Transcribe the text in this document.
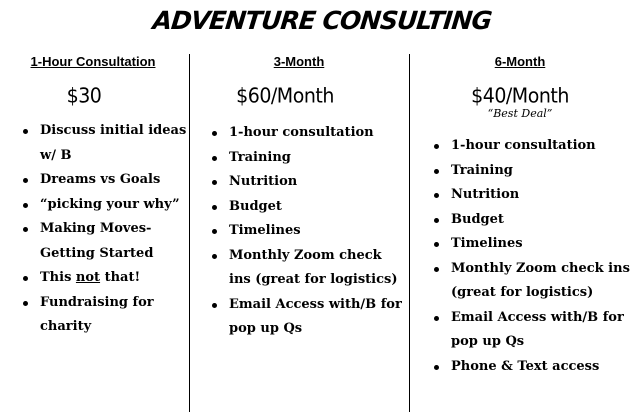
ADVENTURE CONSULTING
1-Hour Consultation
$30
Discuss initial ideas w/ B
Dreams vs Goals
“picking your why”
Making Moves- Getting Started
This not that!
Fundraising for charity
3-Month
$60/Month
1-hour consultation
Training
Nutrition
Budget
Timelines
Monthly Zoom check ins (great for logistics)
Email Access with/B for pop up Qs
6-Month
$40/Month
“Best Deal”
1-hour consultation
Training
Nutrition
Budget
Timelines
Monthly Zoom check ins (great for logistics)
Email Access with/B for pop up Qs
Phone & Text access
